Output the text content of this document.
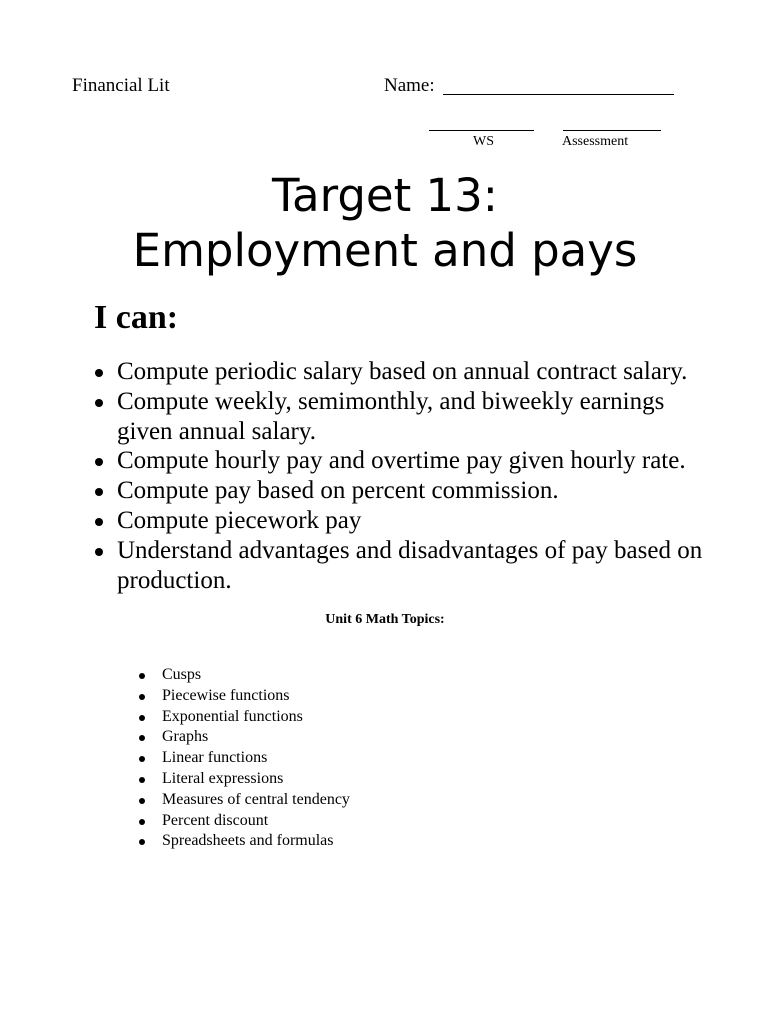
Financial Lit	Name:
WS	Assessment
Target 13:
Employment and pays
I can:
Compute periodic salary based on annual contract salary.
Compute weekly, semimonthly, and biweekly earnings given annual salary.
Compute hourly pay and overtime pay given hourly rate.
Compute pay based on percent commission.
Compute piecework pay
Understand advantages and disadvantages of pay based on production.
Unit 6 Math Topics:
Cusps
Piecewise functions
Exponential functions
Graphs
Linear functions
Literal expressions
Measures of central tendency
Percent discount
Spreadsheets and formulas
